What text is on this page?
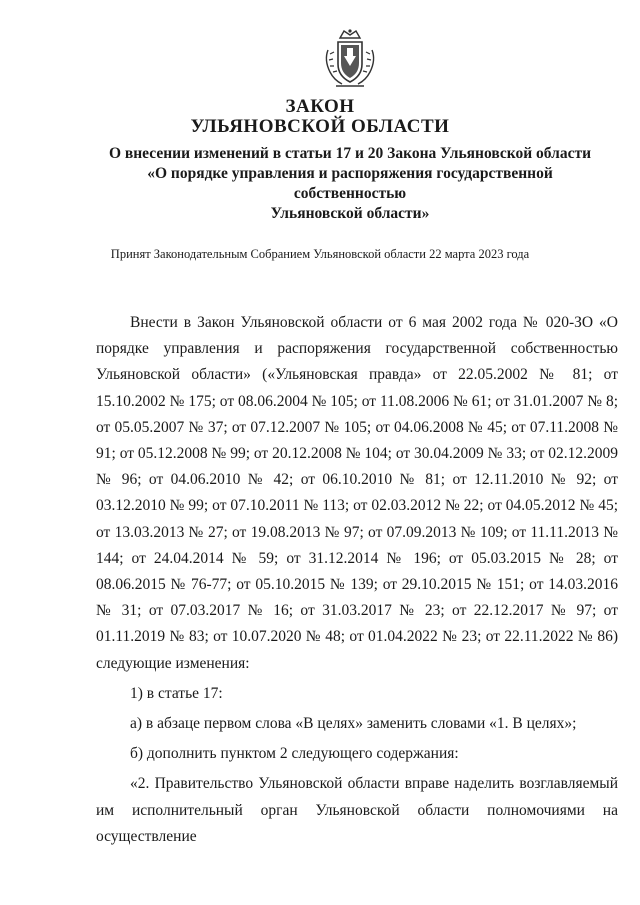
ЗАКОН
УЛЬЯНОВСКОЙ ОБЛАСТИ
О внесении изменений в статьи 17 и 20 Закона Ульяновской области
«О порядке управления и распоряжения государственной собственностью
Ульяновской области»
Принят Законодательным Собранием Ульяновской области 22 марта 2023 года

Внести в Закон Ульяновской области от 6 мая 2002 года № 020-ЗО «О порядке управления и распоряжения государственной собственностью Ульяновской области» («Ульяновская правда» от 22.05.2002 № 81; от 15.10.2002 № 175; от 08.06.2004 № 105; от 11.08.2006 № 61; от 31.01.2007 № 8; от 05.05.2007 № 37; от 07.12.2007 № 105; от 04.06.2008 № 45; от 07.11.2008 № 91; от 05.12.2008 № 99; от 20.12.2008 № 104; от 30.04.2009 № 33; от 02.12.2009 № 96; от 04.06.2010 № 42; от 06.10.2010 № 81; от 12.11.2010 № 92; от 03.12.2010 № 99; от 07.10.2011 № 113; от 02.03.2012 № 22; от 04.05.2012 № 45; от 13.03.2013 № 27; от 19.08.2013 № 97; от 07.09.2013 № 109; от 11.11.2013 № 144; от 24.04.2014 № 59; от 31.12.2014 № 196; от 05.03.2015 № 28; от 08.06.2015 № 76-77; от 05.10.2015 № 139; от 29.10.2015 № 151; от 14.03.2016 № 31; от 07.03.2017 № 16; от 31.03.2017 № 23; от 22.12.2017 № 97; от 01.11.2019 № 83; от 10.07.2020 № 48; от 01.04.2022 № 23; от 22.11.2022 № 86) следующие изменения:

1) в статье 17:

а) в абзаце первом слова «В целях» заменить словами «1. В целях»;

б) дополнить пунктом 2 следующего содержания:

«2. Правительство Ульяновской области вправе наделить возглавляемый им исполнительный орган Ульяновской области полномочиями на осуществление
